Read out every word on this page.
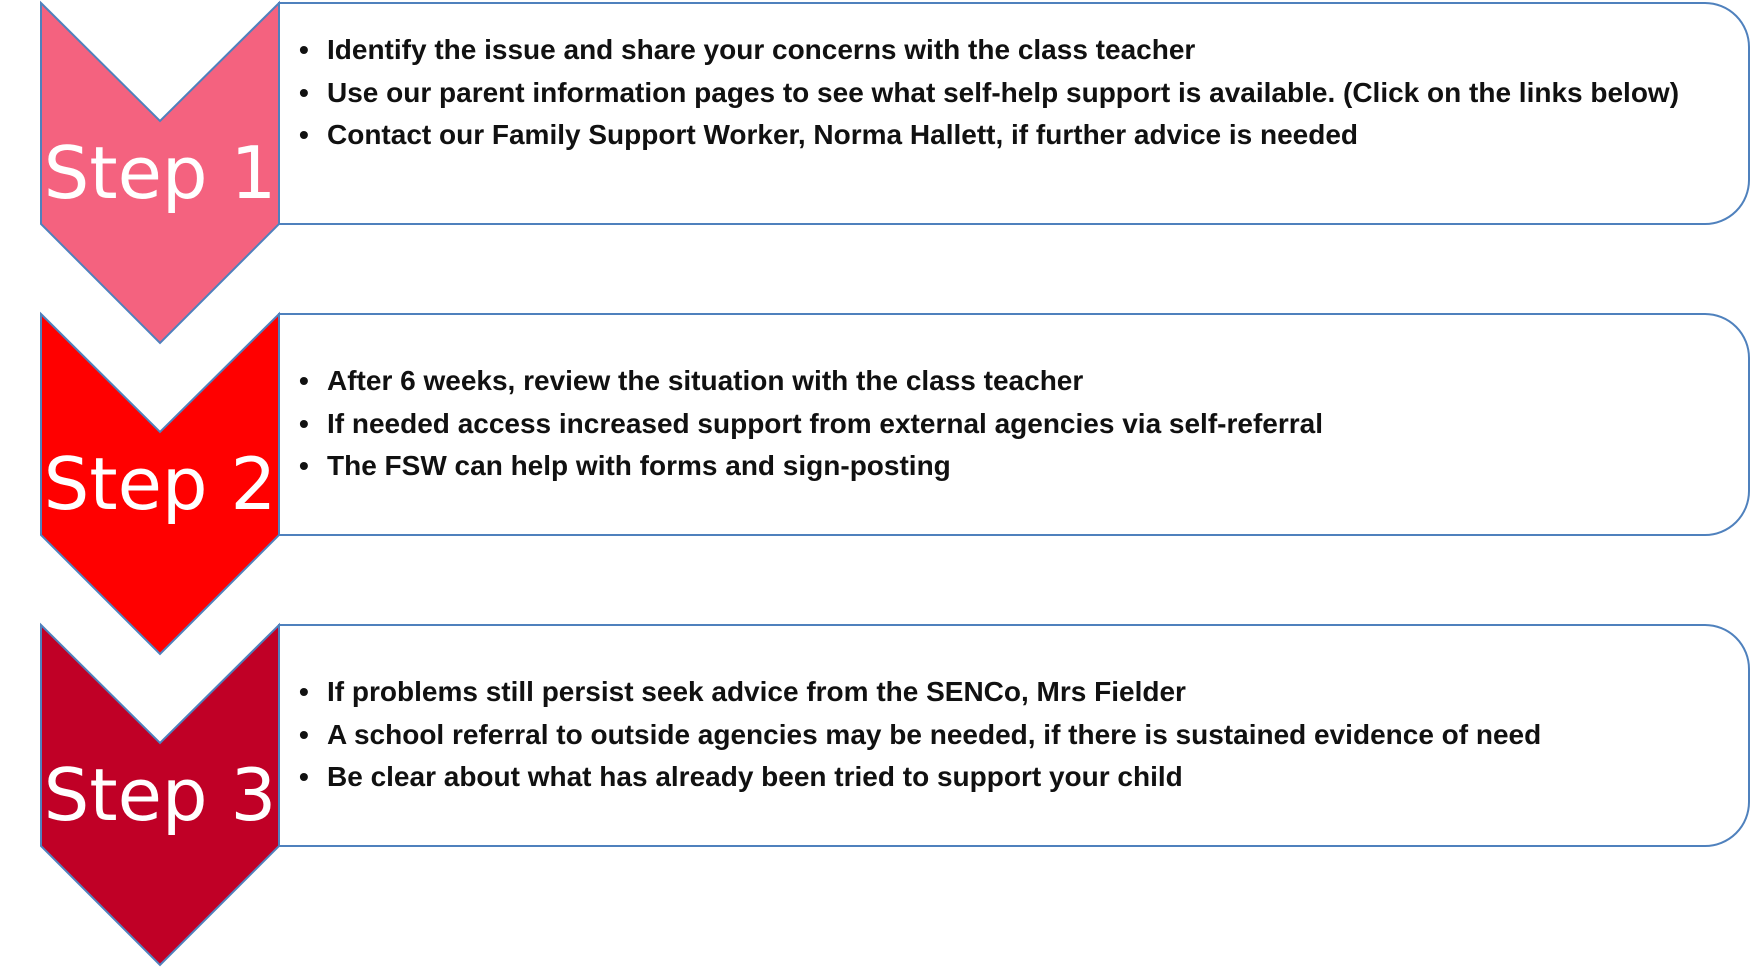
Step 1
Step 2
Step 3
• Identify the issue and share your concerns with the class teacher
• Use our parent information pages to see what self-help support is available. (Click on the links below)
• Contact our Family Support Worker, Norma Hallett, if further advice is needed
• After 6 weeks, review the situation with the class teacher
• If needed access increased support from external agencies via self-referral
• The FSW can help with forms and sign-posting
• If problems still persist seek advice from the SENCo, Mrs Fielder
• A school referral to outside agencies may be needed, if there is sustained evidence of need
• Be clear about what has already been tried to support your child
